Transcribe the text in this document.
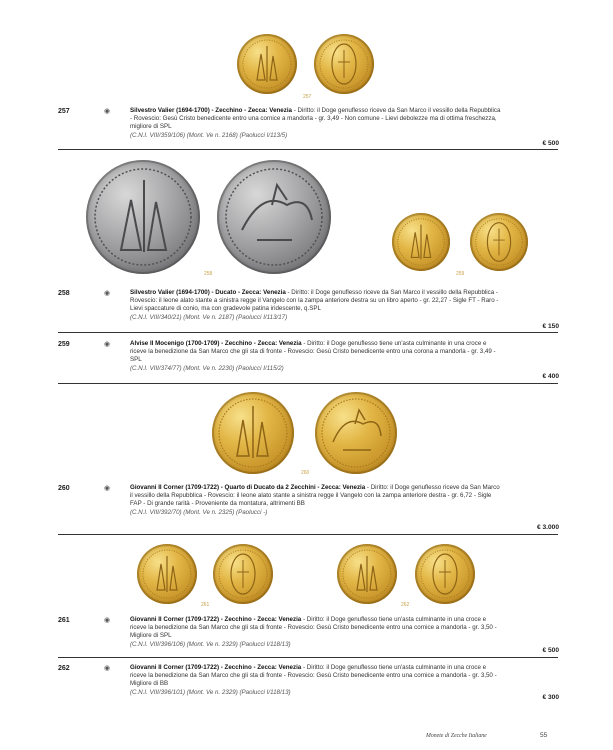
257
257	◉	Silvestro Valier (1694-1700) - Zecchino - Zecca: Venezia - Diritto: il Doge genuflesso riceve da San Marco il vessillo della Repubblica - Rovescio: Gesù Cristo benedicente entro una cornice a mandorla - gr. 3,49 - Non comune - Lievi debolezze ma di ottima freschezza, migliore di SPL
(C.N.I. VIII/359/106) (Mont. Ve n. 2168) (Paolucci I/113/5)
€ 500
258	259
258	◉	Silvestro Valier (1694-1700) - Ducato - Zecca: Venezia - Diritto: il Doge genuflesso riceve da San Marco il vessillo della Repubblica - Rovescio: il leone alato stante a sinistra regge il Vangelo con la zampa anteriore destra su un libro aperto - gr. 22,27 - Sigle FT - Raro - Lievi spaccature di conio, ma con gradevole patina iridescente, q.SPL
(C.N.I. VIII/340/21) (Mont. Ve n. 2187) (Paolucci I/113/17)
€ 150
259	◉	Alvise II Mocenigo (1700-1709) - Zecchino - Zecca: Venezia - Diritto: il Doge genuflesso tiene un'asta culminante in una croce e riceve la benedizione da San Marco che gli sta di fronte - Rovescio: Gesù Cristo benedicente entro una corona a mandorla - gr. 3,49 - SPL
(C.N.I. VIII/374/77) (Mont. Ve n. 2230) (Paolucci I/115/2)
€ 400
260
260	◉	Giovanni II Corner (1709-1722) - Quarto di Ducato da 2 Zecchini - Zecca: Venezia - Diritto: il Doge genuflesso riceve da San Marco il vessillo della Repubblica - Rovescio: il leone alato stante a sinistra regge il Vangelo con la zampa anteriore destra - gr. 6,72 - Sigle FAP - Di grande rarità - Proveniente da montatura, altrimenti BB
(C.N.I. VIII/392/70) (Mont. Ve n. 2325) (Paolucci -)
€ 3.000
261	262
261	◉	Giovanni II Corner (1709-1722) - Zecchino - Zecca: Venezia - Diritto: il Doge genuflesso tiene un'asta culminante in una croce e riceve la benedizione da San Marco che gli sta di fronte - Rovescio: Gesù Cristo benedicente entro una cornice a mandorla - gr. 3,50 - Migliore di SPL
(C.N.I. VIII/396/106) (Mont. Ve n. 2329) (Paolucci I/118/13)
€ 500
262	◉	Giovanni II Corner (1709-1722) - Zecchino - Zecca: Venezia - Diritto: il Doge genuflesso tiene un'asta culminante in una croce e riceve la benedizione da San Marco che gli sta di fronte - Rovescio: Gesù Cristo benedicente entro una cornice a mandorla - gr. 3,50 - Migliore di BB
(C.N.I. VIII/396/101) (Mont. Ve n. 2329) (Paolucci I/118/13)
€ 300
Monete di Zecche Italiane	55
